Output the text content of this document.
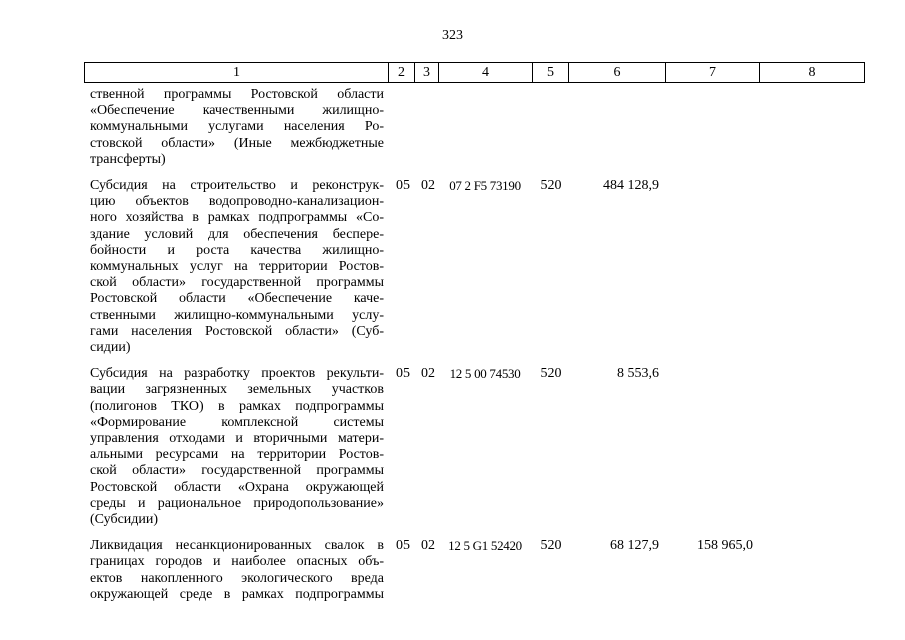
323
1	2	3	4	5	6	7	8
ственной программы Ростовской области
«Обеспечение качественными жилищно-
коммунальными услугами населения Ро-
стовской области» (Иные межбюджетные
трансферты)
Субсидия на строительство и реконструк-
цию объектов водопроводно-канализацион-
ного хозяйства в рамках подпрограммы «Со-
здание условий для обеспечения беспере-
бойности и роста качества жилищно-
коммунальных услуг на территории Ростов-
ской области» государственной программы
Ростовской области «Обеспечение каче-
ственными жилищно-коммунальными услу-
гами населения Ростовской области» (Суб-
сидии)
05 02	07 2 F5 73190	520	484 128,9
Субсидия на разработку проектов рекульти-
вации загрязненных земельных участков
(полигонов ТКО) в рамках подпрограммы
«Формирование комплексной системы
управления отходами и вторичными матери-
альными ресурсами на территории Ростов-
ской области» государственной программы
Ростовской области «Охрана окружающей
среды и рациональное природопользование»
(Субсидии)
05 02	12 5 00 74530	520	8 553,6
Ликвидация несанкционированных свалок в
границах городов и наиболее опасных объ-
ектов накопленного экологического вреда
окружающей среде в рамках подпрограммы
05 02	12 5 G1 52420	520	68 127,9	158 965,0
